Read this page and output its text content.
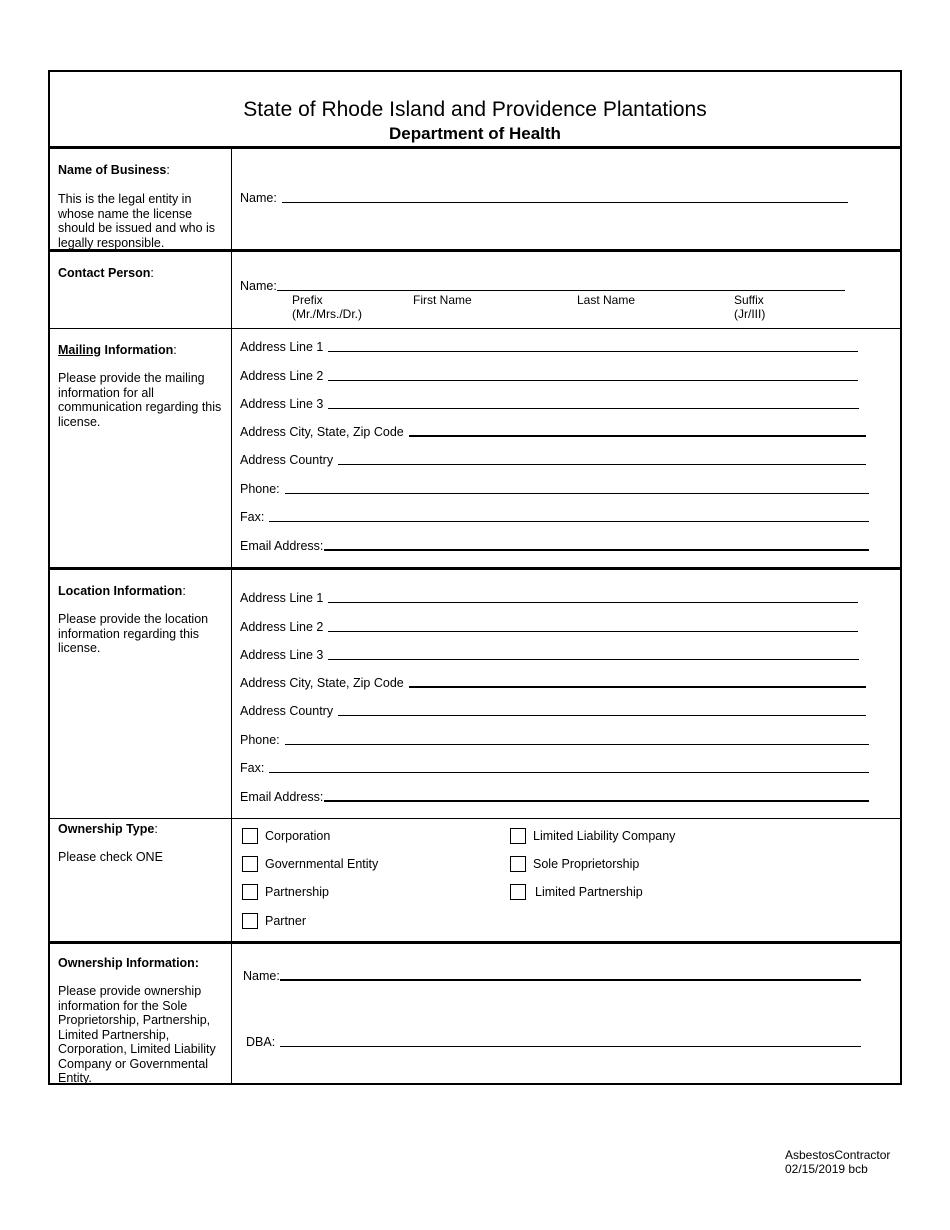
State of Rhode Island and Providence Plantations
Department of Health
Name of Business:
This is the legal entity in whose name the license should be issued and who is legally responsible.
Name:
Contact Person:
Name:
Prefix
(Mr./Mrs./Dr.)
First Name	Last Name	Suffix
(Jr/III)
Mailing Information:
Please provide the mailing information for all communication regarding this license.
Address Line 1
Address Line 2
Address Line 3
Address City, State, Zip Code
Address Country
Phone:
Fax:
Email Address:
Location Information:
Please provide the location information regarding this license.
Address Line 1
Address Line 2
Address Line 3
Address City, State, Zip Code
Address Country
Phone:
Fax:
Email Address:
Ownership Type:
Please check ONE
Corporation
Governmental Entity
Partnership
Partner
Limited Liability Company
Sole Proprietorship
Limited Partnership
Ownership Information:
Please provide ownership information for the Sole Proprietorship, Partnership, Limited Partnership, Corporation, Limited Liability Company or Governmental Entity.
Name:
DBA:
AsbestosContractor
02/15/2019 bcb
